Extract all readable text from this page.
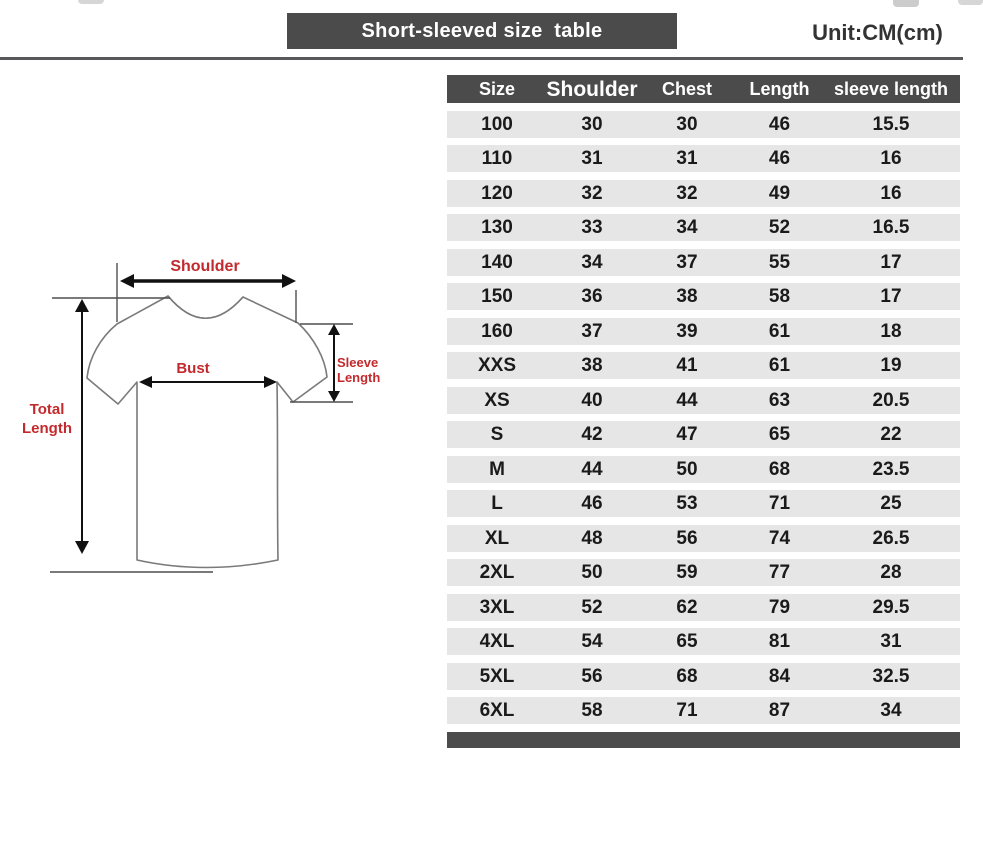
Short-sleeved size  table	Unit:CM(cm)
Shoulder
Total
Length
Bust	Sleeve
Length
Size	Shoulder	Chest	Length	sleeve length
100	30	30	46	15.5
110	31	31	46	16
120	32	32	49	16
130	33	34	52	16.5
140	34	37	55	17
150	36	38	58	17
160	37	39	61	18
XXS	38	41	61	19
XS	40	44	63	20.5
S	42	47	65	22
M	44	50	68	23.5
L	46	53	71	25
XL	48	56	74	26.5
2XL	50	59	77	28
3XL	52	62	79	29.5
4XL	54	65	81	31
5XL	56	68	84	32.5
6XL	58	71	87	34
